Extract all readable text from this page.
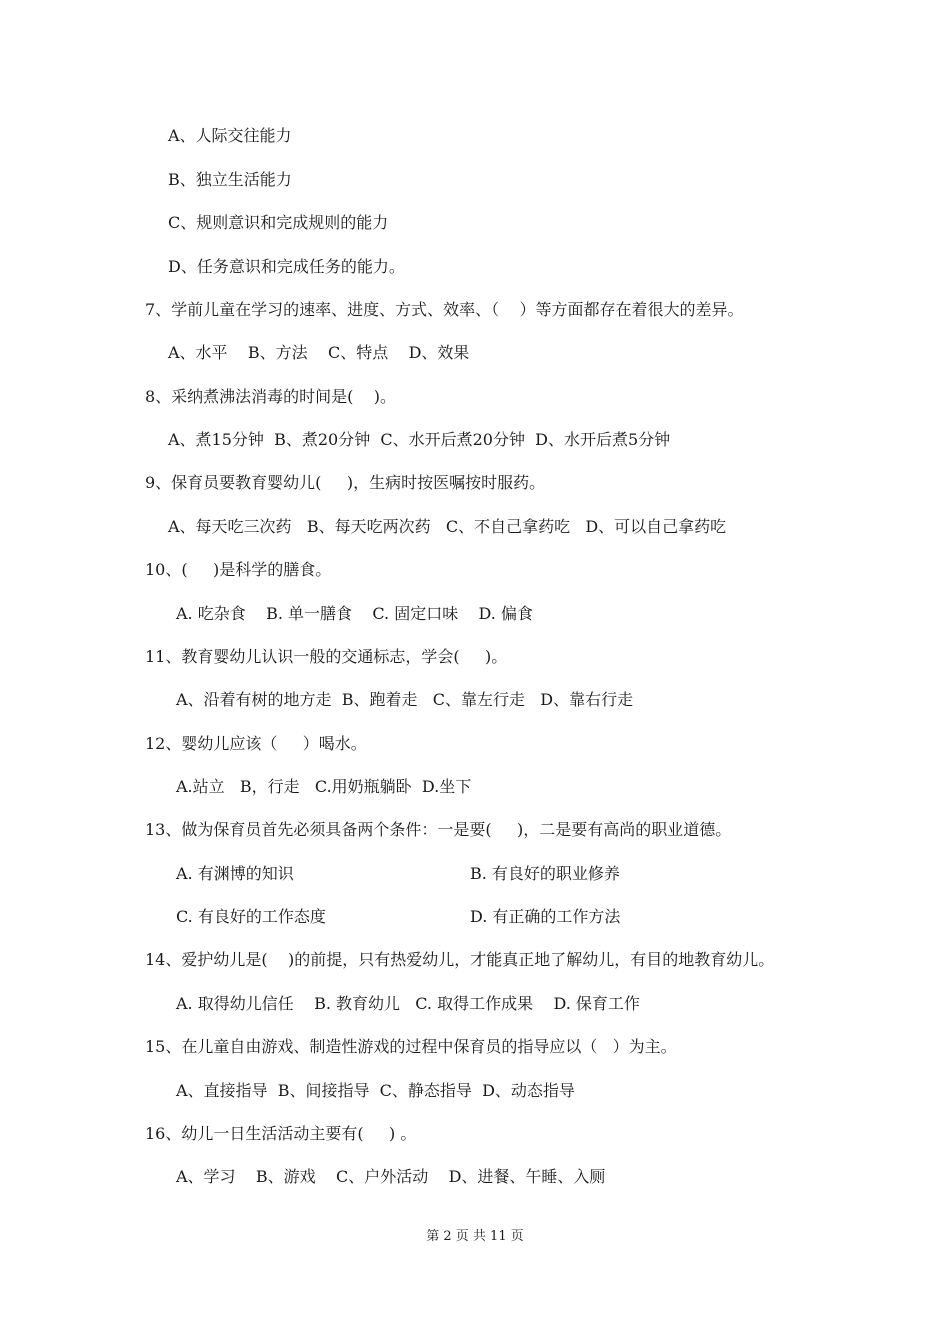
A、人际交往能力
B、独立生活能力
C、规则意识和完成规则的能力
D、任务意识和完成任务的能力。
7、学前儿童在学习的速率、进度、方式、效率、（    ）等方面都存在着很大的差异。
A、水平    B、方法    C、特点    D、效果
8、采纳煮沸法消毒的时间是(    )。
A、煮15分钟  B、煮20分钟  C、水开后煮20分钟  D、水开后煮5分钟
9、保育员要教育婴幼儿(     )，生病时按医嘱按时服药。
A、每天吃三次药   B、每天吃两次药   C、不自己拿药吃   D、可以自己拿药吃
10、(     )是科学的膳食。
A. 吃杂食    B. 单一膳食    C. 固定口味    D. 偏食
11、教育婴幼儿认识一般的交通标志，学会(     )。
A、沿着有树的地方走  B、跑着走   C、靠左行走   D、靠右行走
12、婴幼儿应该（     ）喝水。
A.站立   B，行走   C.用奶瓶躺卧  D.坐下
13、做为保育员首先必须具备两个条件：一是要(     )，二是要有高尚的职业道德。
A. 有渊博的知识	B. 有良好的职业修养
C. 有良好的工作态度	D. 有正确的工作方法
14、爱护幼儿是(    )的前提，只有热爱幼儿，才能真正地了解幼儿，有目的地教育幼儿。
A. 取得幼儿信任    B. 教育幼儿   C. 取得工作成果    D. 保育工作
15、在儿童自由游戏、制造性游戏的过程中保育员的指导应以（   ）为主。
A、直接指导  B、间接指导  C、静态指导  D、动态指导
16、幼儿一日生活活动主要有(     ) 。
A、学习    B、游戏    C、户外活动    D、进餐、午睡、入厕
第 2 页 共 11 页
